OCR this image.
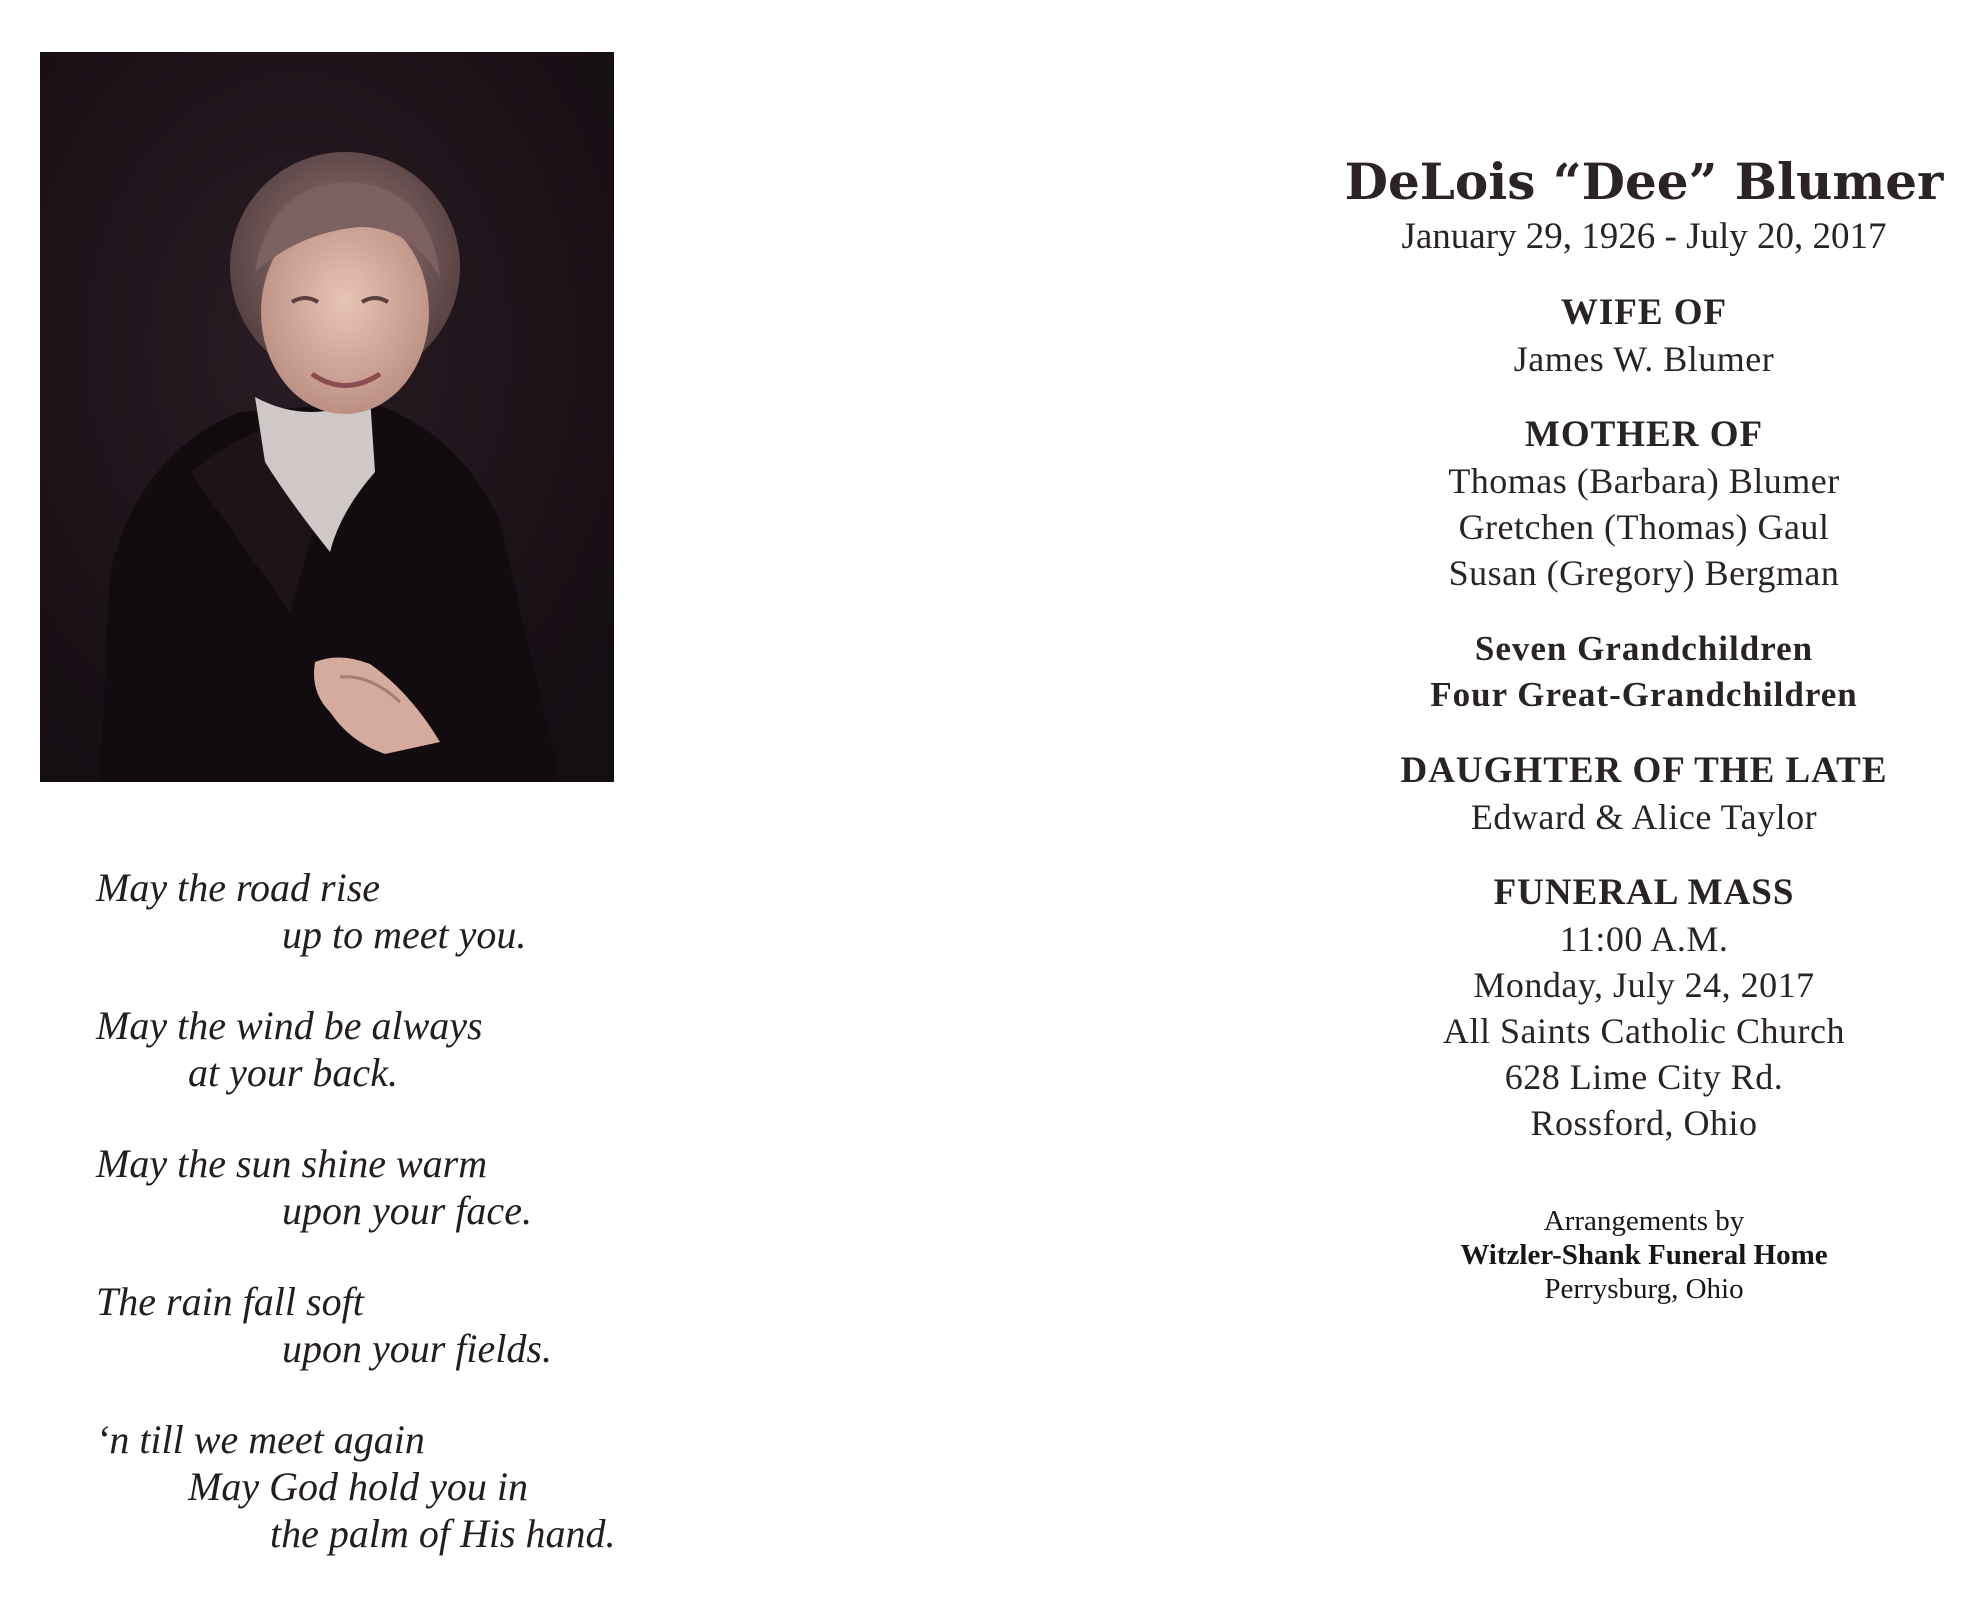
May the road rise
up to meet you.
May the wind be always
at your back.
May the sun shine warm
upon your face.
The rain fall soft
upon your fields.
‘n till we meet again
May God hold you in
the palm of His hand.
DeLois “Dee” Blumer
January 29, 1926 - July 20, 2017
WIFE OF
James W. Blumer
MOTHER OF
Thomas (Barbara) Blumer
Gretchen (Thomas) Gaul
Susan (Gregory) Bergman
Seven Grandchildren
Four Great-Grandchildren
DAUGHTER OF THE LATE
Edward & Alice Taylor
FUNERAL MASS
11:00 A.M.
Monday, July 24, 2017
All Saints Catholic Church
628 Lime City Rd.
Rossford, Ohio
Arrangements by
Witzler-Shank Funeral Home
Perrysburg, Ohio
